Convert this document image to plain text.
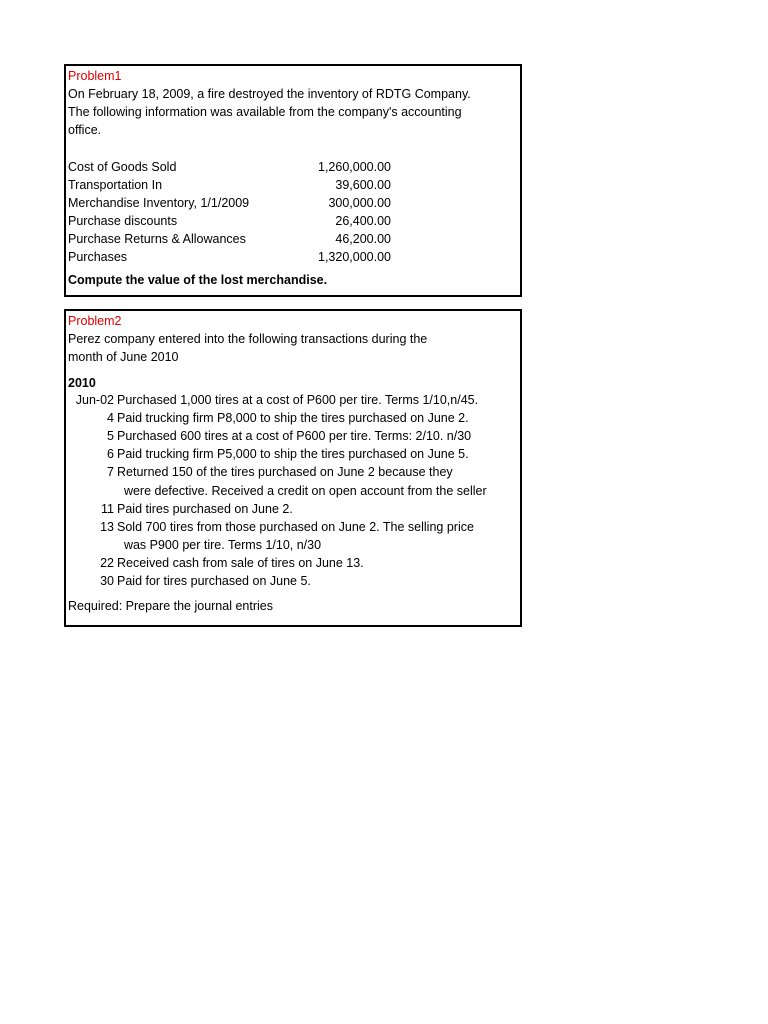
Problem1
On February 18, 2009, a fire destroyed the inventory of RDTG Company.
The following information was available from the company's accounting
office.
Cost of Goods Sold	1,260,000.00
Transportation In	39,600.00
Merchandise Inventory, 1/1/2009	300,000.00
Purchase discounts	26,400.00
Purchase Returns & Allowances	46,200.00
Purchases	1,320,000.00
Compute the value of the lost merchandise.
Problem2
Perez company entered into the following transactions during the
month of June 2010
2010
Jun-02 Purchased 1,000 tires at a cost of P600 per tire. Terms 1/10,n/45.
4 Paid trucking firm P8,000 to ship the tires purchased on June 2.
5 Purchased 600 tires at a cost of P600 per tire. Terms: 2/10. n/30
6 Paid trucking firm P5,000 to ship the tires purchased on June 5.
7 Returned 150 of the tires purchased on June 2 because they
were defective. Received a credit on open account from the seller
11 Paid tires purchased on June 2.
13 Sold 700 tires from those purchased on June 2. The selling price
was P900 per tire. Terms 1/10, n/30
22 Received cash from sale of tires on June 13.
30 Paid for tires purchased on June 5.
Required: Prepare the journal entries
